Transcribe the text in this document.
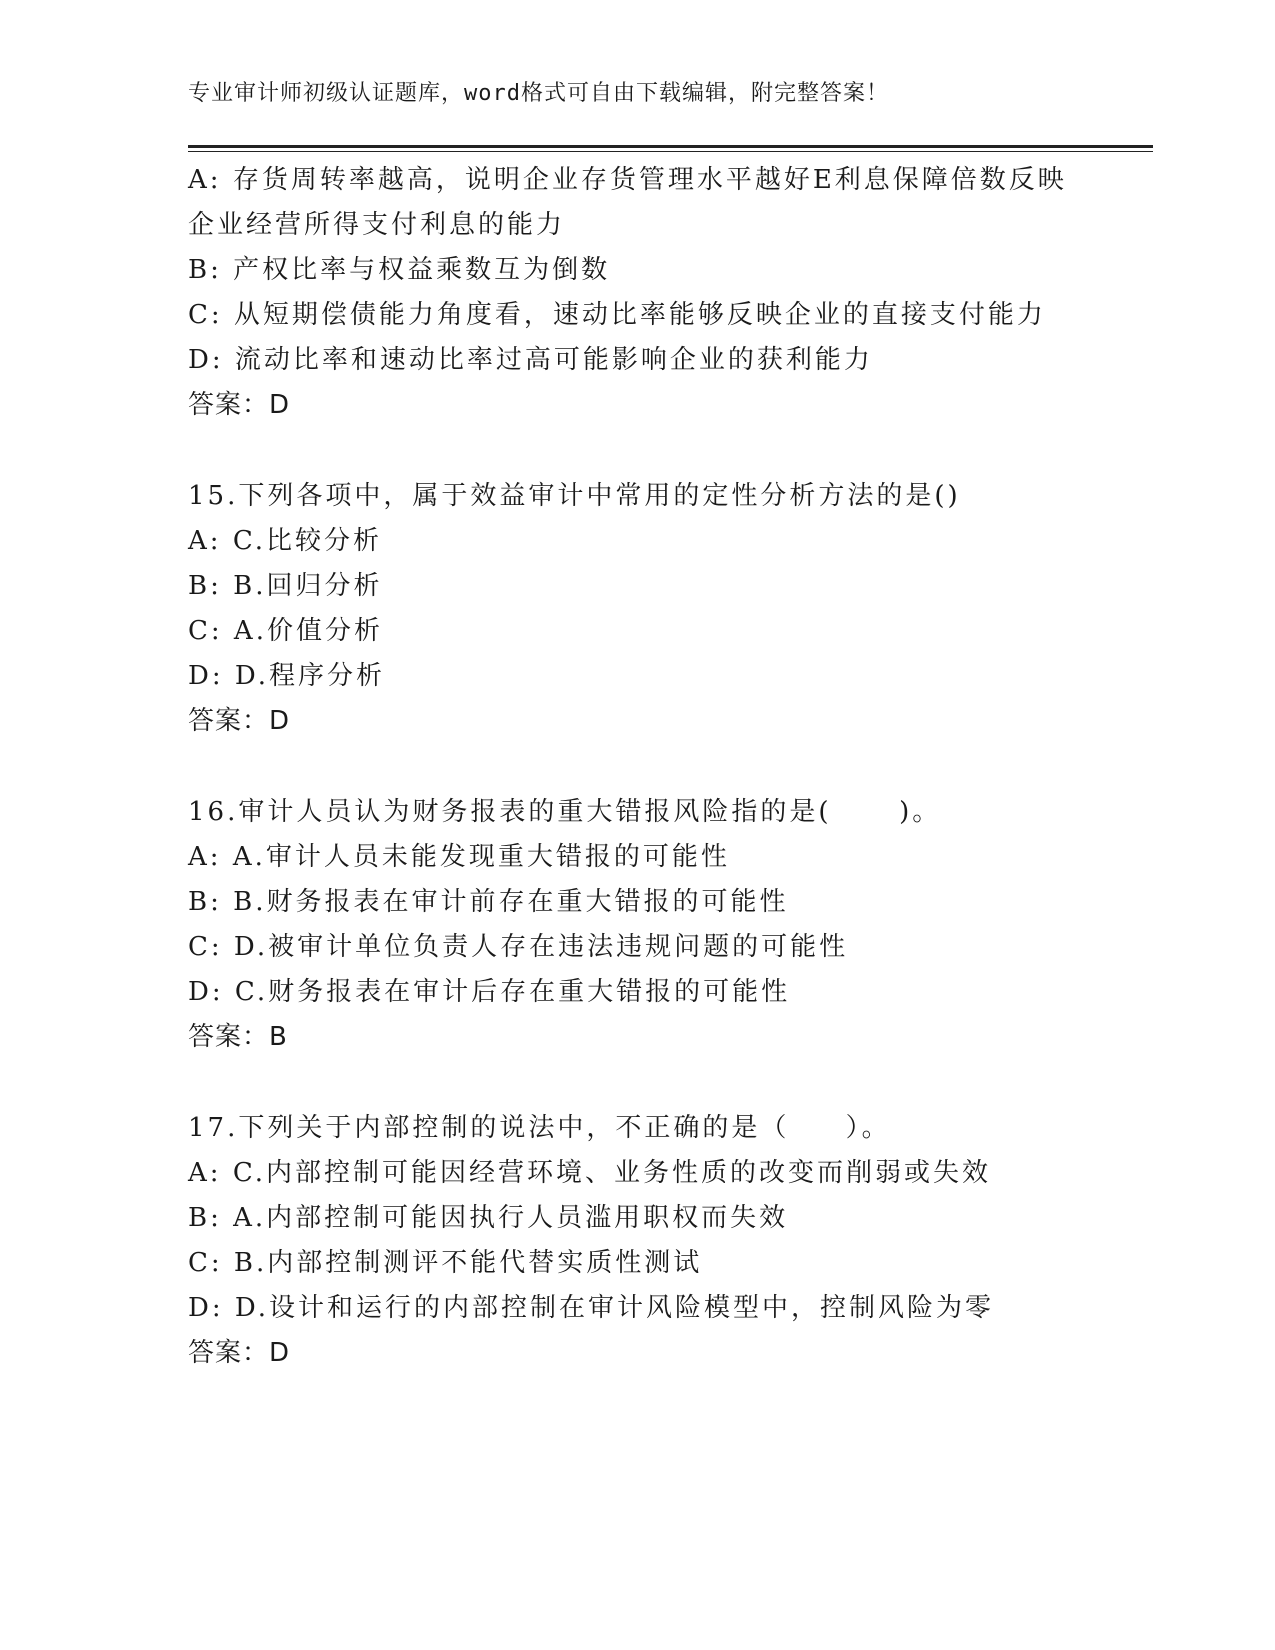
专业审计师初级认证题库，word格式可自由下载编辑，附完整答案！
A: 存货周转率越高，说明企业存货管理水平越好E利息保障倍数反映
企业经营所得支付利息的能力
B: 产权比率与权益乘数互为倒数
C: 从短期偿债能力角度看，速动比率能够反映企业的直接支付能力
D: 流动比率和速动比率过高可能影响企业的获利能力
答案：D
15.下列各项中，属于效益审计中常用的定性分析方法的是()
A: C.比较分析
B: B.回归分析
C: A.价值分析
D: D.程序分析
答案：D
16.审计人员认为财务报表的重大错报风险指的是(      )。
A: A.审计人员未能发现重大错报的可能性
B: B.财务报表在审计前存在重大错报的可能性
C: D.被审计单位负责人存在违法违规问题的可能性
D: C.财务报表在审计后存在重大错报的可能性
答案：B
17.下列关于内部控制的说法中，不正确的是（     ）。
A: C.内部控制可能因经营环境、业务性质的改变而削弱或失效
B: A.内部控制可能因执行人员滥用职权而失效
C: B.内部控制测评不能代替实质性测试
D: D.设计和运行的内部控制在审计风险模型中，控制风险为零
答案：D
